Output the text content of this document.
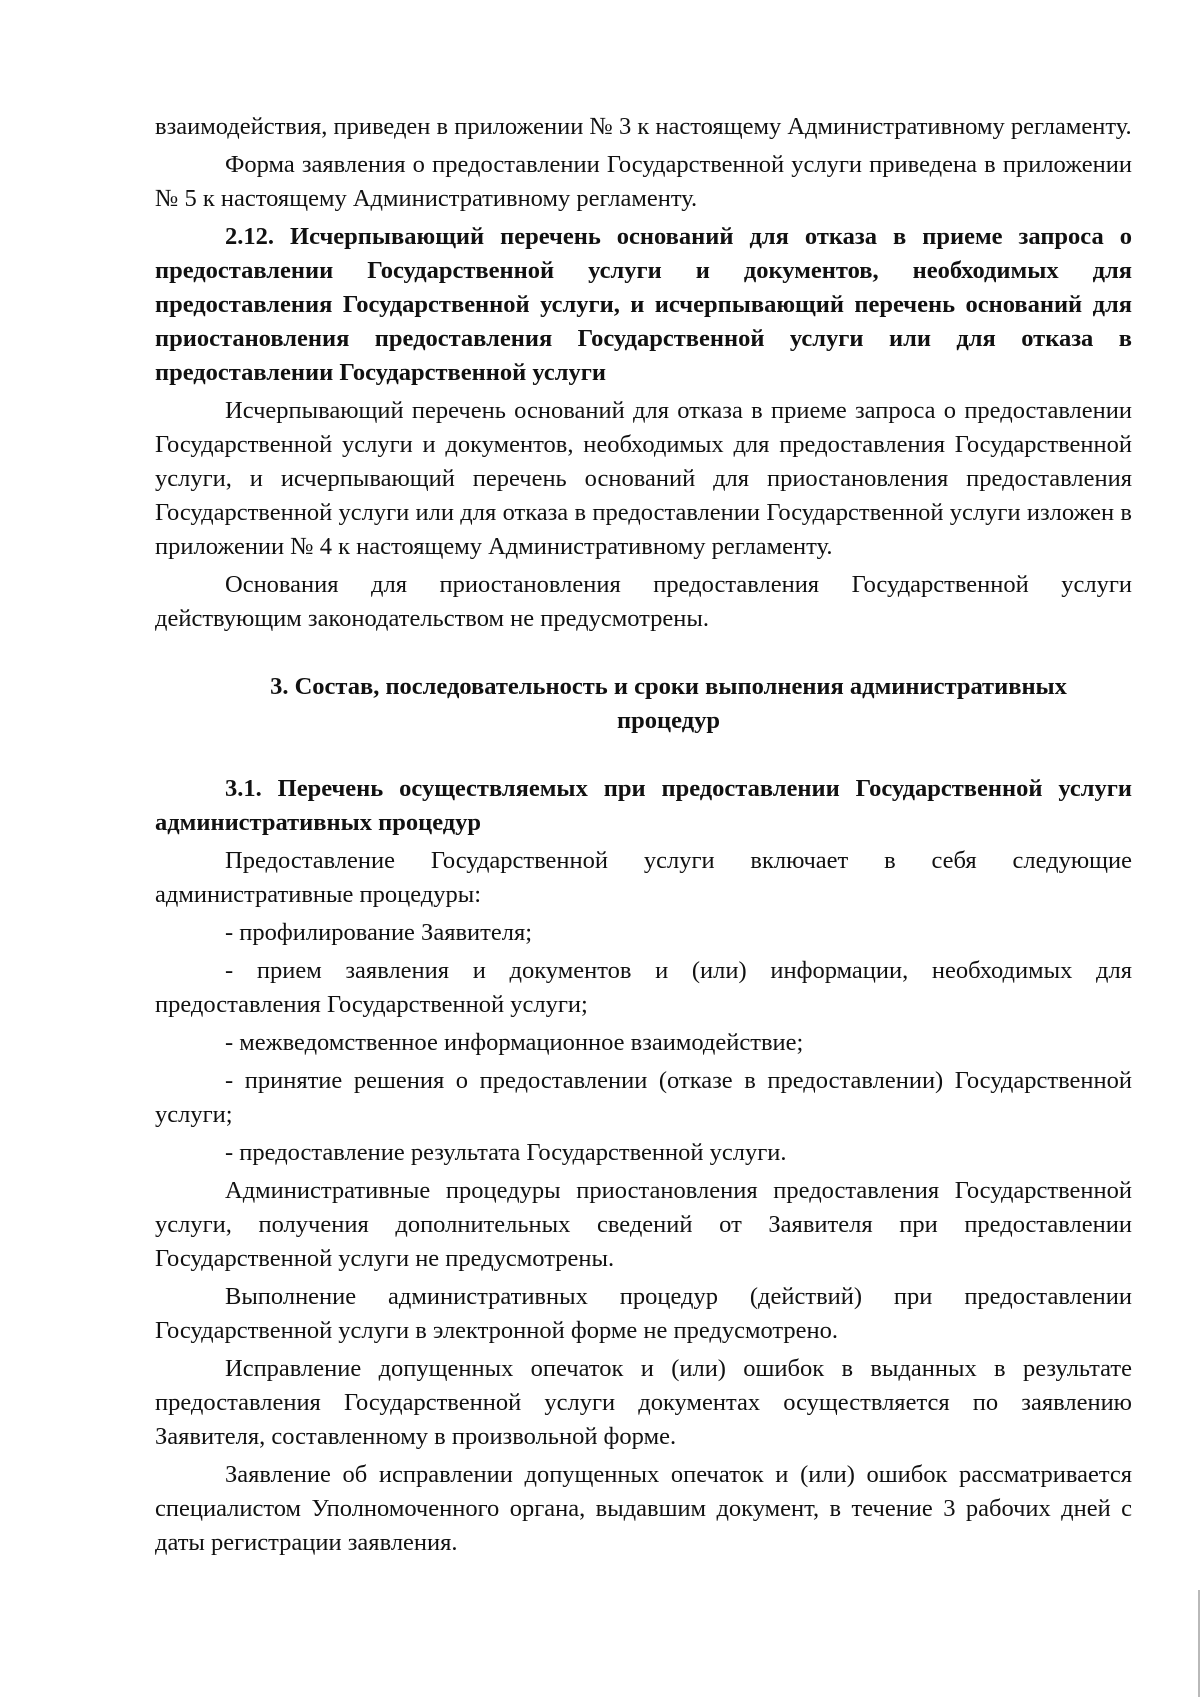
взаимодействия, приведен в приложении № 3 к настоящему Административному регламенту.

Форма заявления о предоставлении Государственной услуги приведена в приложении № 5 к настоящему Административному регламенту.

2.12. Исчерпывающий перечень оснований для отказа в приеме запроса о предоставлении Государственной услуги и документов, необходимых для предоставления Государственной услуги, и исчерпывающий перечень оснований для приостановления предоставления Государственной услуги или для отказа в предоставлении Государственной услуги

Исчерпывающий перечень оснований для отказа в приеме запроса о предоставлении Государственной услуги и документов, необходимых для предоставления Государственной услуги, и исчерпывающий перечень оснований для приостановления предоставления Государственной услуги или для отказа в предоставлении Государственной услуги изложен в приложении № 4 к настоящему Административному регламенту.

Основания для приостановления предоставления Государственной услуги действующим законодательством не предусмотрены.

3. Состав, последовательность и сроки выполнения административных процедур

3.1. Перечень осуществляемых при предоставлении Государственной услуги административных процедур

Предоставление Государственной услуги включает в себя следующие административные процедуры:

- профилирование Заявителя;

- прием заявления и документов и (или) информации, необходимых для предоставления Государственной услуги;

- межведомственное информационное взаимодействие;

- принятие решения о предоставлении (отказе в предоставлении) Государственной услуги;

- предоставление результата Государственной услуги.

Административные процедуры приостановления предоставления Государственной услуги, получения дополнительных сведений от Заявителя при предоставлении Государственной услуги не предусмотрены.

Выполнение административных процедур (действий) при предоставлении Государственной услуги в электронной форме не предусмотрено.

Исправление допущенных опечаток и (или) ошибок в выданных в результате предоставления Государственной услуги документах осуществляется по заявлению Заявителя, составленному в произвольной форме.

Заявление об исправлении допущенных опечаток и (или) ошибок рассматривается специалистом Уполномоченного органа, выдавшим документ, в течение 3 рабочих дней с даты регистрации заявления.
